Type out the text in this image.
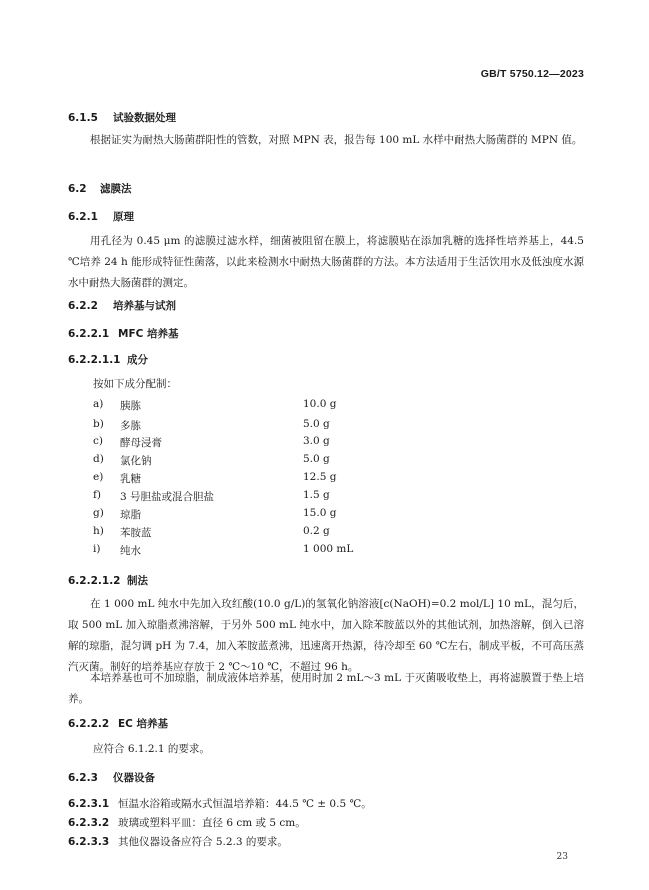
GB/T 5750.12—2023
6.1.5 试验数据处理
根据证实为耐热大肠菌群阳性的管数，对照 MPN 表，报告每 100 mL 水样中耐热大肠菌群的 MPN 值。
6.2 滤膜法
6.2.1 原理
用孔径为 0.45 μm 的滤膜过滤水样，细菌被阻留在膜上，将滤膜贴在添加乳糖的选择性培养基上，44.5 ℃培养 24 h 能形成特征性菌落，以此来检测水中耐热大肠菌群的方法。本方法适用于生活饮用水及低浊度水源水中耐热大肠菌群的测定。
6.2.2 培养基与试剂
6.2.2.1 MFC 培养基
6.2.2.1.1 成分
按如下成分配制：
a) 胰胨	10.0 g
b) 多胨	5.0 g
c) 酵母浸膏	3.0 g
d) 氯化钠	5.0 g
e) 乳糖	12.5 g
f) 3 号胆盐或混合胆盐	1.5 g
g) 琼脂	15.0 g
h) 苯胺蓝	0.2 g
i) 纯水	1 000 mL
6.2.2.1.2 制法
在 1 000 mL 纯水中先加入玫红酸(10.0 g/L)的氢氧化钠溶液[c(NaOH)=0.2 mol/L] 10 mL，混匀后，取 500 mL 加入琼脂煮沸溶解，于另外 500 mL 纯水中，加入除苯胺蓝以外的其他试剂，加热溶解，倒入已溶解的琼脂，混匀调 pH 为 7.4，加入苯胺蓝煮沸，迅速离开热源，待冷却至 60 ℃左右，制成平板，不可高压蒸汽灭菌。制好的培养基应存放于 2 ℃～10 ℃，不超过 96 h。
本培养基也可不加琼脂，制成液体培养基，使用时加 2 mL～3 mL 于灭菌吸收垫上，再将滤膜置于垫上培养。
6.2.2.2 EC 培养基
应符合 6.1.2.1 的要求。
6.2.3 仪器设备
6.2.3.1 恒温水浴箱或隔水式恒温培养箱：44.5 ℃ ± 0.5 ℃。
6.2.3.2 玻璃或塑料平皿：直径 6 cm 或 5 cm。
6.2.3.3 其他仪器设备应符合 5.2.3 的要求。
23
